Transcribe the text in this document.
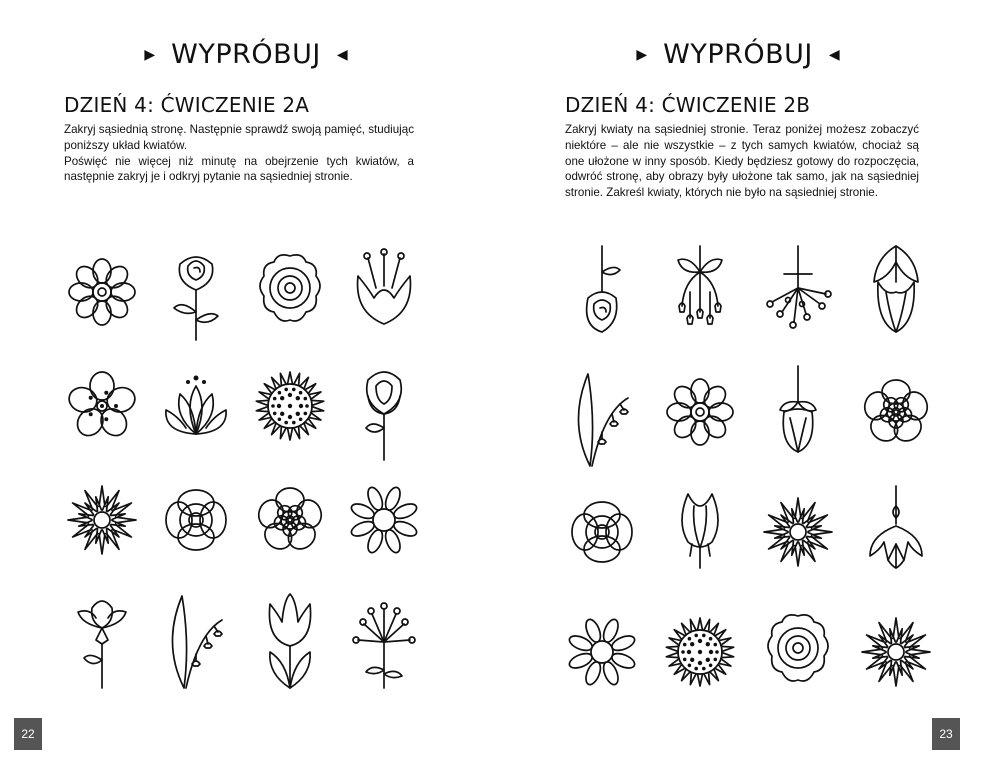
▶ WYPRÓBUJ ◀
DZIEŃ 4: ĆWICZENIE 2A

Zakryj sąsiednią stronę. Następnie sprawdź swoją pamięć, studiując poniższy układ kwiatów.

Poświęć nie więcej niż minutę na obejrzenie tych kwiatów, a następnie zakryj je i odkryj pytanie na sąsiedniej stronie.

22
▶ WYPRÓBUJ ◀
DZIEŃ 4: ĆWICZENIE 2B

Zakryj kwiaty na sąsiedniej stronie. Teraz poniżej możesz zobaczyć niektóre – ale nie wszystkie – z tych samych kwiatów, chociaż są one ułożone w inny sposób. Kiedy będziesz gotowy do rozpoczęcia, odwróć stronę, aby obrazy były ułożone tak samo, jak na sąsiedniej stronie. Zakreśl kwiaty, których nie było na sąsiedniej stronie.

23
